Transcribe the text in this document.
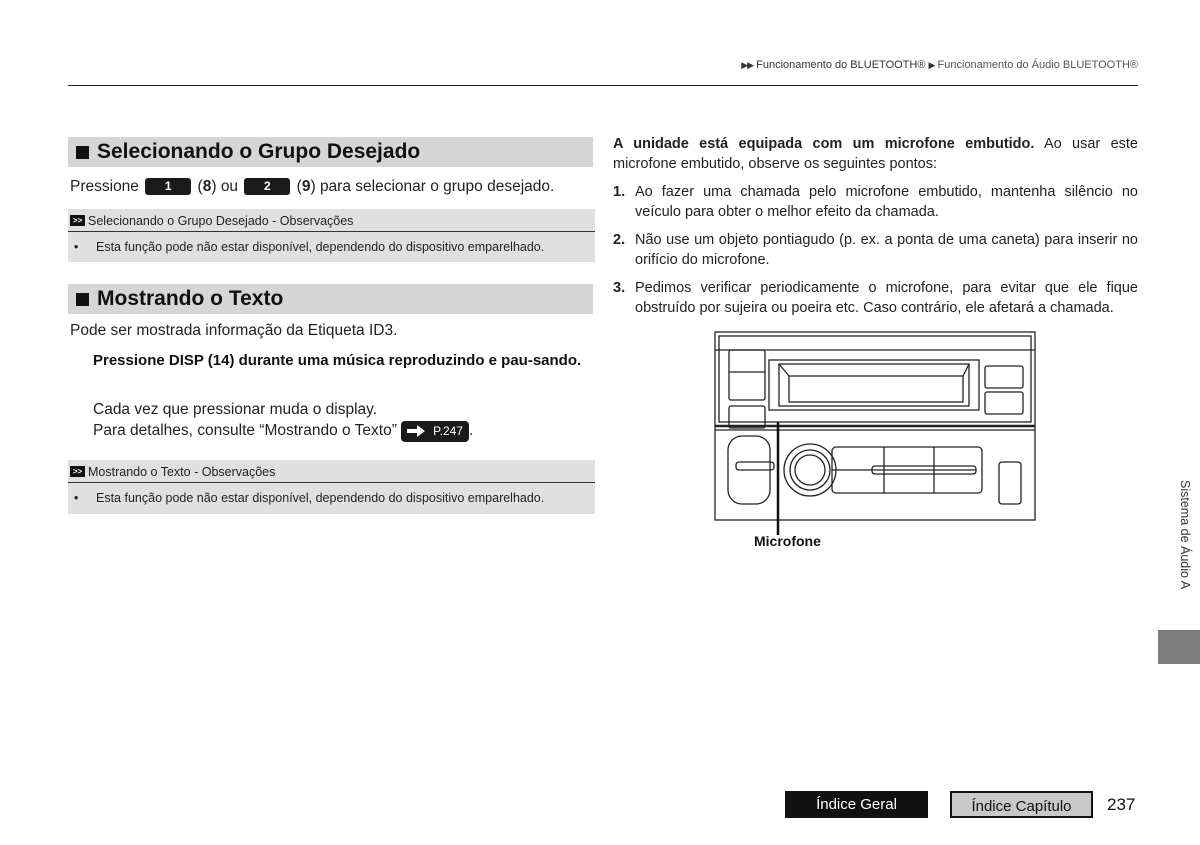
▶▶ Funcionamento do BLUETOOTH® ▶ Funcionamento do Áudio BLUETOOTH®
Selecionando o Grupo Desejado
Pressione 1 (8) ou 2 (9) para selecionar o grupo desejado.
>> Selecionando o Grupo Desejado - Observações
•	Esta função pode não estar disponível, dependendo do dispositivo emparelhado.
Mostrando o Texto
Pode ser mostrada informação da Etiqueta ID3.
Pressione DISP (14) durante uma música reproduzindo e pau-sando.
Cada vez que pressionar muda o display.
Para detalhes, consulte “Mostrando o Texto”	P.247 .
>> Mostrando o Texto - Observações
•	Esta função pode não estar disponível, dependendo do dispositivo emparelhado.

A unidade está equipada com um microfone embutido. Ao usar este microfone embutido, observe os seguintes pontos:

1. Ao fazer uma chamada pelo microfone embutido, mantenha silêncio no veículo para obter o melhor efeito da chamada.
2. Não use um objeto pontiagudo (p. ex. a ponta de uma caneta) para inserir no orifício do microfone.
3. Pedimos verificar periodicamente o microfone, para evitar que ele fique obstruído por sujeira ou poeira etc. Caso contrário, ele afetará a chamada.
Microfone	Sistema de Áudio A
Índice Geral	Índice Capítulo	237
